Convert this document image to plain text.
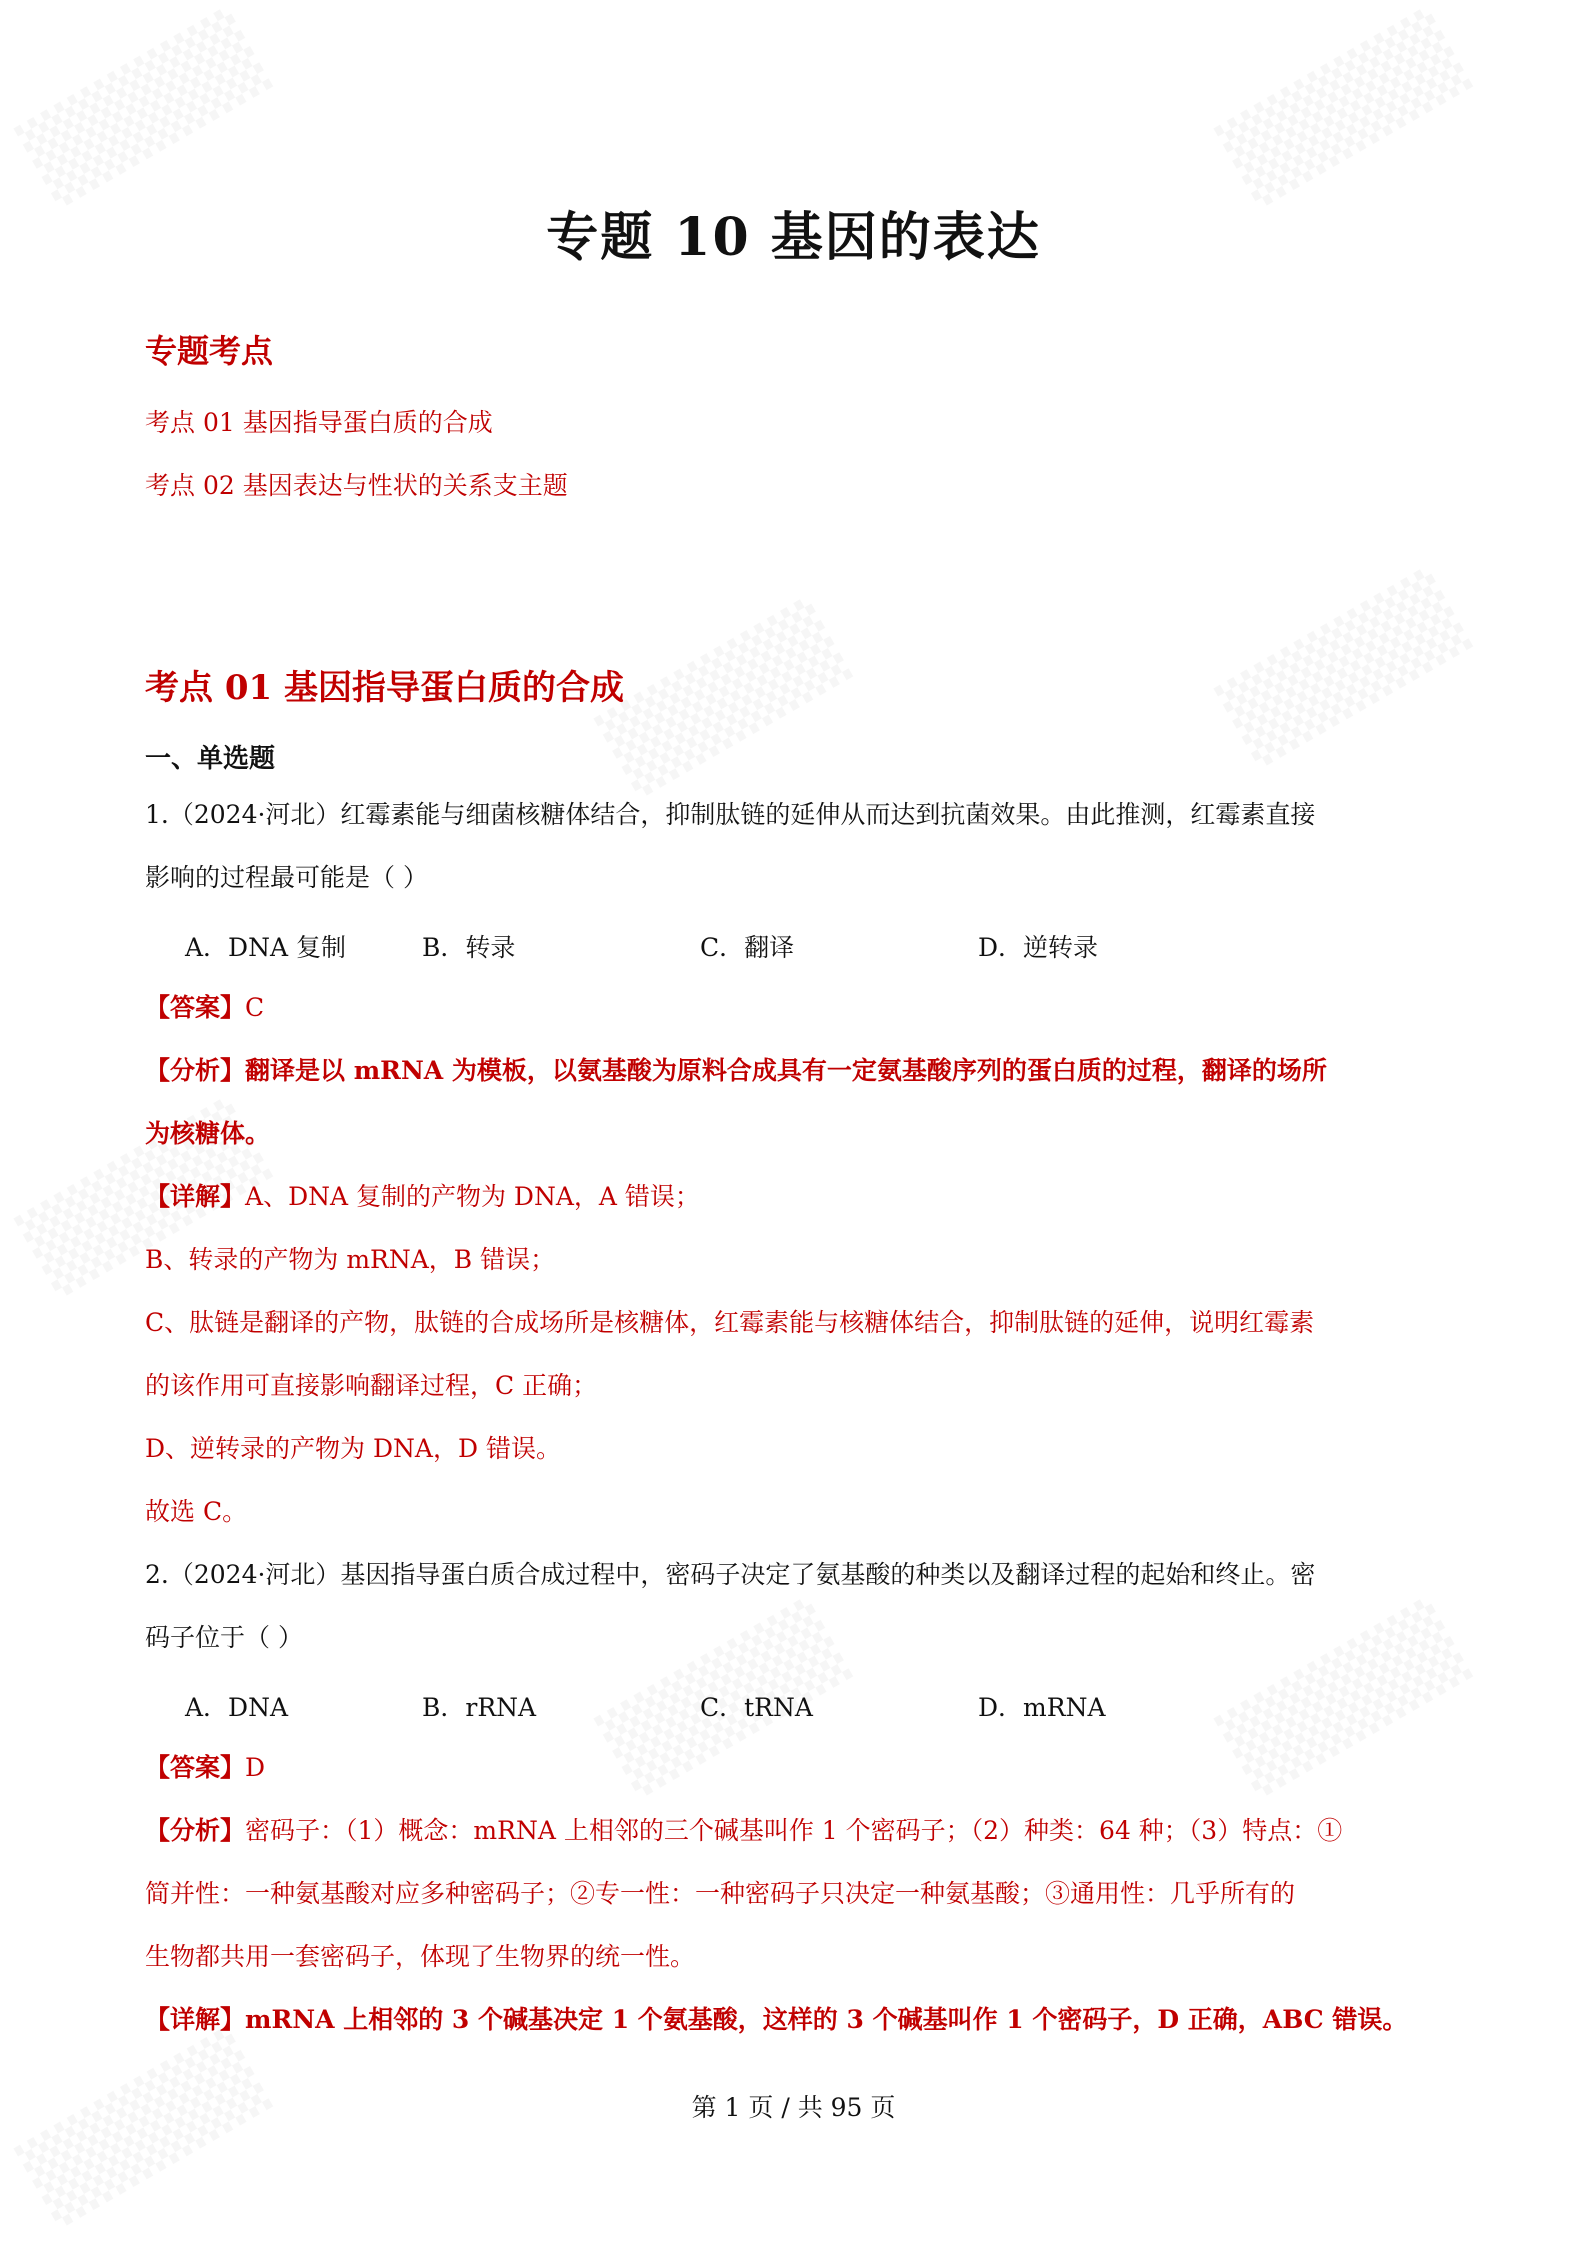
专题 10 基因的表达
专题考点
考点 01 基因指导蛋白质的合成
考点 02 基因表达与性状的关系支主题
考点 01 基因指导蛋白质的合成
一、单选题
1.（2024·河北）红霉素能与细菌核糖体结合，抑制肽链的延伸从而达到抗菌效果。由此推测，红霉素直接
影响的过程最可能是（ ）
A．DNA 复制	B．转录	C．翻译	D．逆转录
【答案】C
【分析】翻译是以 mRNA 为模板，以氨基酸为原料合成具有一定氨基酸序列的蛋白质的过程，翻译的场所
为核糖体。
【详解】A、DNA 复制的产物为 DNA，A 错误；
B、转录的产物为 mRNA，B 错误；
C、肽链是翻译的产物，肽链的合成场所是核糖体，红霉素能与核糖体结合，抑制肽链的延伸，说明红霉素
的该作用可直接影响翻译过程，C 正确；
D、逆转录的产物为 DNA，D 错误。
故选 C。
2.（2024·河北）基因指导蛋白质合成过程中，密码子决定了氨基酸的种类以及翻译过程的起始和终止。密
码子位于（ ）
A．DNA	B．rRNA	C．tRNA	D．mRNA
【答案】D
【分析】密码子：（1）概念：mRNA 上相邻的三个碱基叫作 1 个密码子；（2）种类：64 种；（3）特点：①
简并性：一种氨基酸对应多种密码子；②专一性：一种密码子只决定一种氨基酸；③通用性：几乎所有的
生物都共用一套密码子，体现了生物界的统一性。
【详解】mRNA 上相邻的 3 个碱基决定 1 个氨基酸，这样的 3 个碱基叫作 1 个密码子，D 正确，ABC 错误。
第 1 页 / 共 95 页
